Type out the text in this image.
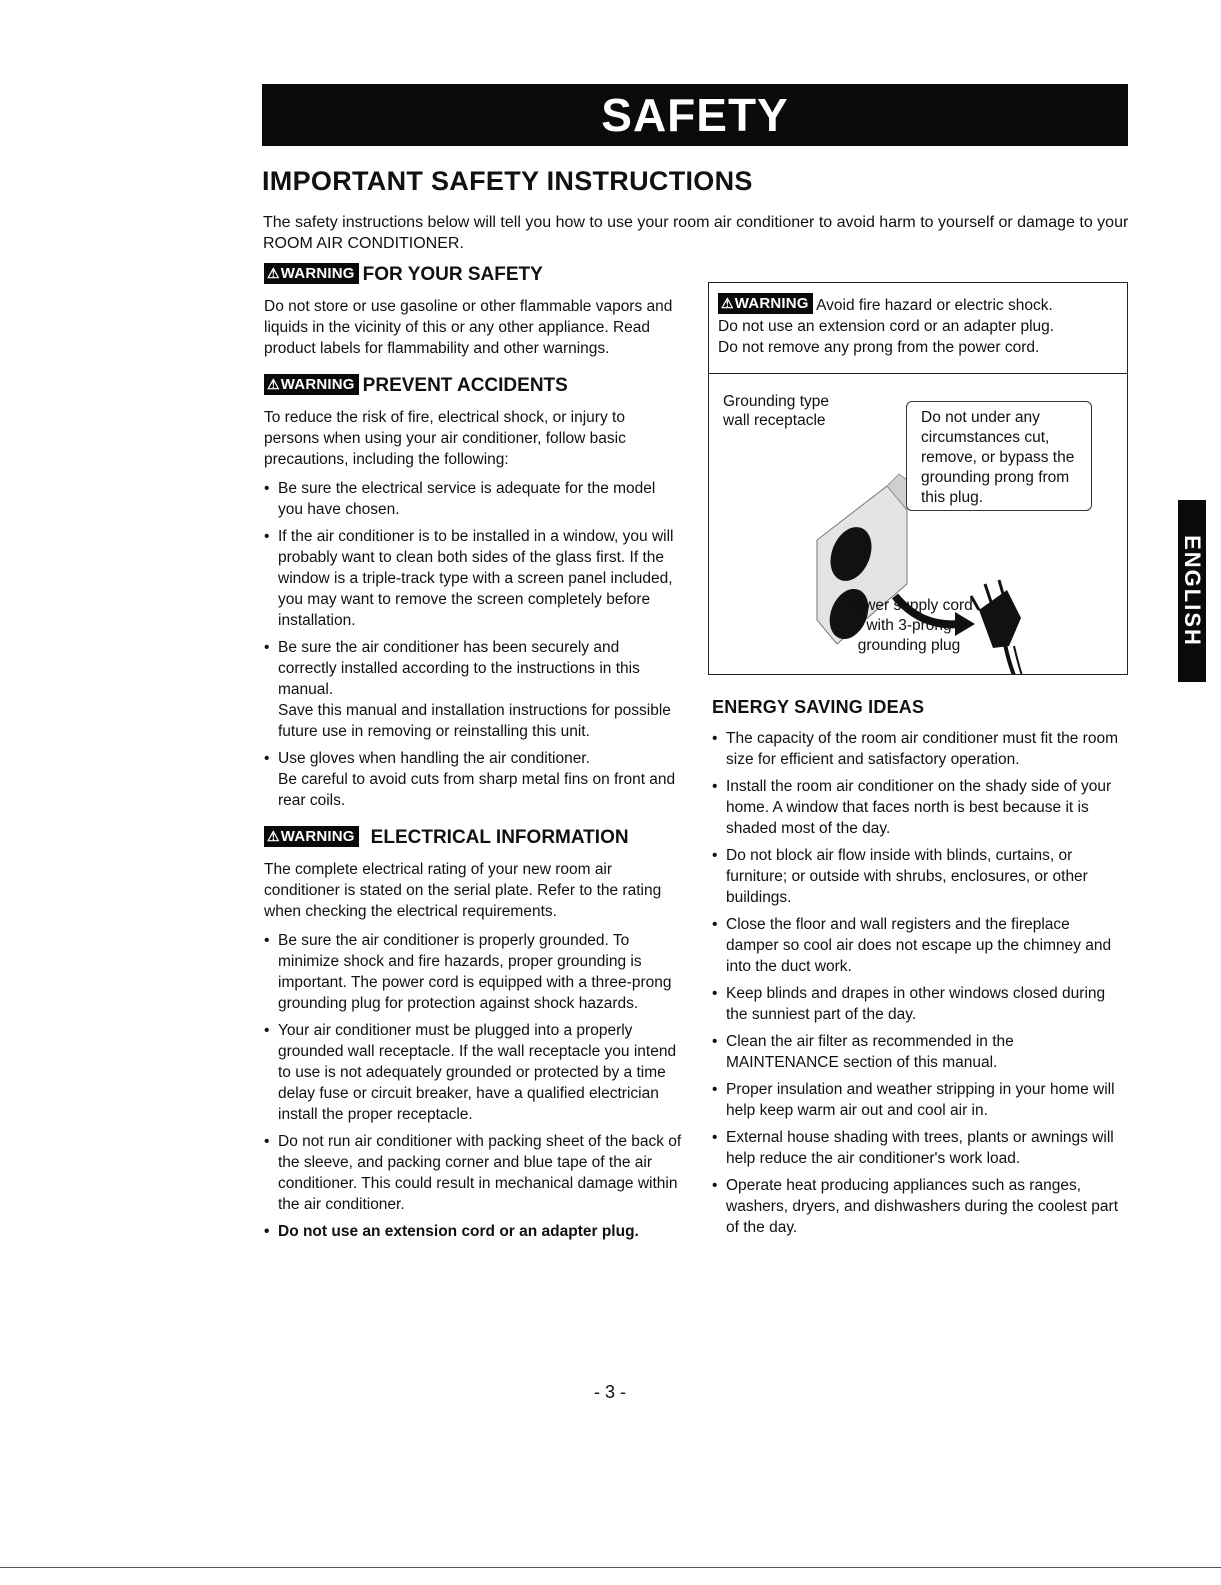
SAFETY
IMPORTANT SAFETY INSTRUCTIONS

The safety instructions below will tell you how to use your room air conditioner to avoid harm to yourself or damage to your ROOM AIR CONDITIONER.

⚠WARNING FOR YOUR SAFETY

Do not store or use gasoline or other flammable vapors and liquids in the vicinity of this or any other appliance. Read product labels for flammability and other warnings.

⚠WARNING PREVENT ACCIDENTS

To reduce the risk of fire, electrical shock, or injury to persons when using your air conditioner, follow basic precautions, including the following:

• Be sure the electrical service is adequate for the model you have chosen.
• If the air conditioner is to be installed in a window, you will probably want to clean both sides of the glass first. If the window is a triple-track type with a screen panel included, you may want to remove the screen completely before installation.
• Be sure the air conditioner has been securely and correctly installed according to the instructions in this manual.
Save this manual and installation instructions for possible future use in removing or reinstalling this unit.
• Use gloves when handling the air conditioner.
Be careful to avoid cuts from sharp metal fins on front and rear coils.
⚠WARNING ELECTRICAL INFORMATION

The complete electrical rating of your new room air conditioner is stated on the serial plate. Refer to the rating when checking the electrical requirements.

• Be sure the air conditioner is properly grounded. To minimize shock and fire hazards, proper grounding is important. The power cord is equipped with a three-prong grounding plug for protection against shock hazards.
• Your air conditioner must be plugged into a properly grounded wall receptacle. If the wall receptacle you intend to use is not adequately grounded or protected by a time delay fuse or circuit breaker, have a qualified electrician install the proper receptacle.
• Do not run air conditioner with packing sheet of the back of the sleeve, and packing corner and blue tape of the air conditioner. This could result in mechanical damage within the air conditioner.
• Do not use an extension cord or an adapter plug.
⚠WARNING Avoid fire hazard or electric shock.
Do not use an extension cord or an adapter plug.
Do not remove any prong from the power cord.
Grounding type
wall receptacle	Do not under any circumstances cut, remove, or bypass the grounding prong from this plug.
Power supply cord
with 3-prong
grounding plug
ENERGY SAVING IDEAS
• The capacity of the room air conditioner must fit the room size for efficient and satisfactory operation.
• Install the room air conditioner on the shady side of your home. A window that faces north is best because it is shaded most of the day.
• Do not block air flow inside with blinds, curtains, or furniture; or outside with shrubs, enclosures, or other buildings.
• Close the floor and wall registers and the fireplace damper so cool air does not escape up the chimney and into the duct work.
• Keep blinds and drapes in other windows closed during the sunniest part of the day.
• Clean the air filter as recommended in the MAINTENANCE section of this manual.
• Proper insulation and weather stripping in your home will help keep warm air out and cool air in.
• External house shading with trees, plants or awnings will help reduce the air conditioner's work load.
• Operate heat producing appliances such as ranges, washers, dryers, and dishwashers during the coolest part of the day.
ENGLISH
- 3 -
